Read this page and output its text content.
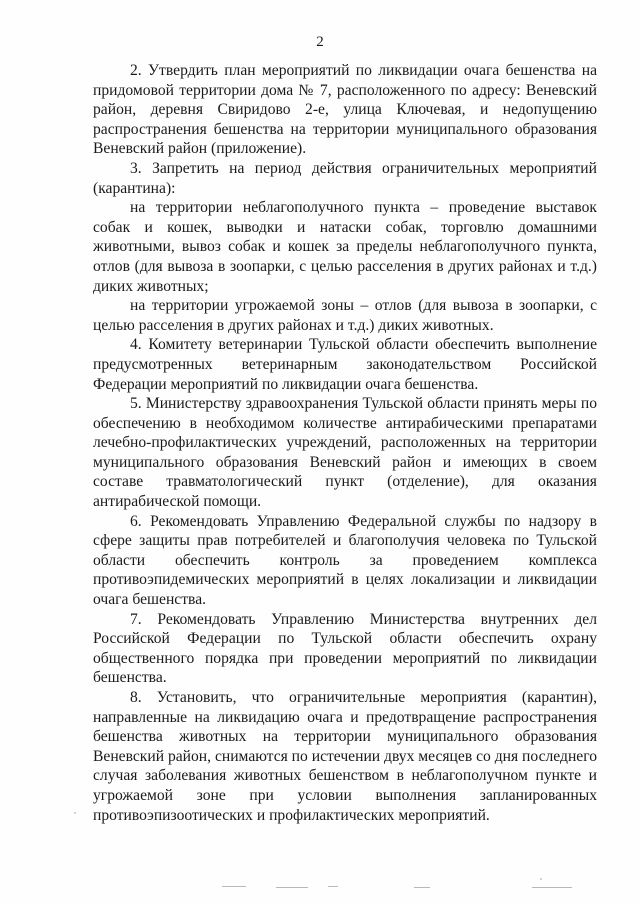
2

2. Утвердить план мероприятий по ликвидации очага бешенства на придомовой территории дома № 7, расположенного по адресу: Веневский район, деревня Свиридово 2-е, улица Ключевая, и недопущению распространения бешенства на территории муниципального образования Веневский район (приложение).

3. Запретить на период действия ограничительных мероприятий (карантина):

на территории неблагополучного пункта – проведение выставок собак и кошек, выводки и натаски собак, торговлю домашними животными, вывоз собак и кошек за пределы неблагополучного пункта, отлов (для вывоза в зоопарки, с целью расселения в других районах и т.д.) диких животных;

на территории угрожаемой зоны – отлов (для вывоза в зоопарки, с целью расселения в других районах и т.д.) диких животных.

4. Комитету ветеринарии Тульской области обеспечить выполнение предусмотренных ветеринарным законодательством Российской Федерации мероприятий по ликвидации очага бешенства.

5. Министерству здравоохранения Тульской области принять меры по обеспечению в необходимом количестве антирабическими препаратами лечебно-профилактических учреждений, расположенных на территории муниципального образования Веневский район и имеющих в своем составе травматологический пункт (отделение), для оказания антирабической помощи.

6. Рекомендовать Управлению Федеральной службы по надзору в сфере защиты прав потребителей и благополучия человека по Тульской области обеспечить контроль за проведением комплекса противоэпидемических мероприятий в целях локализации и ликвидации очага бешенства.

7. Рекомендовать Управлению Министерства внутренних дел Российской Федерации по Тульской области обеспечить охрану общественного порядка при проведении мероприятий по ликвидации бешенства.

8. Установить, что ограничительные мероприятия (карантин), направленные на ликвидацию очага и предотвращение распространения бешенства животных на территории муниципального образования Веневский район, снимаются по истечении двух месяцев со дня последнего случая заболевания животных бешенством в неблагополучном пункте и угрожаемой зоне при условии выполнения запланированных противоэпизоотических и профилактических мероприятий.
